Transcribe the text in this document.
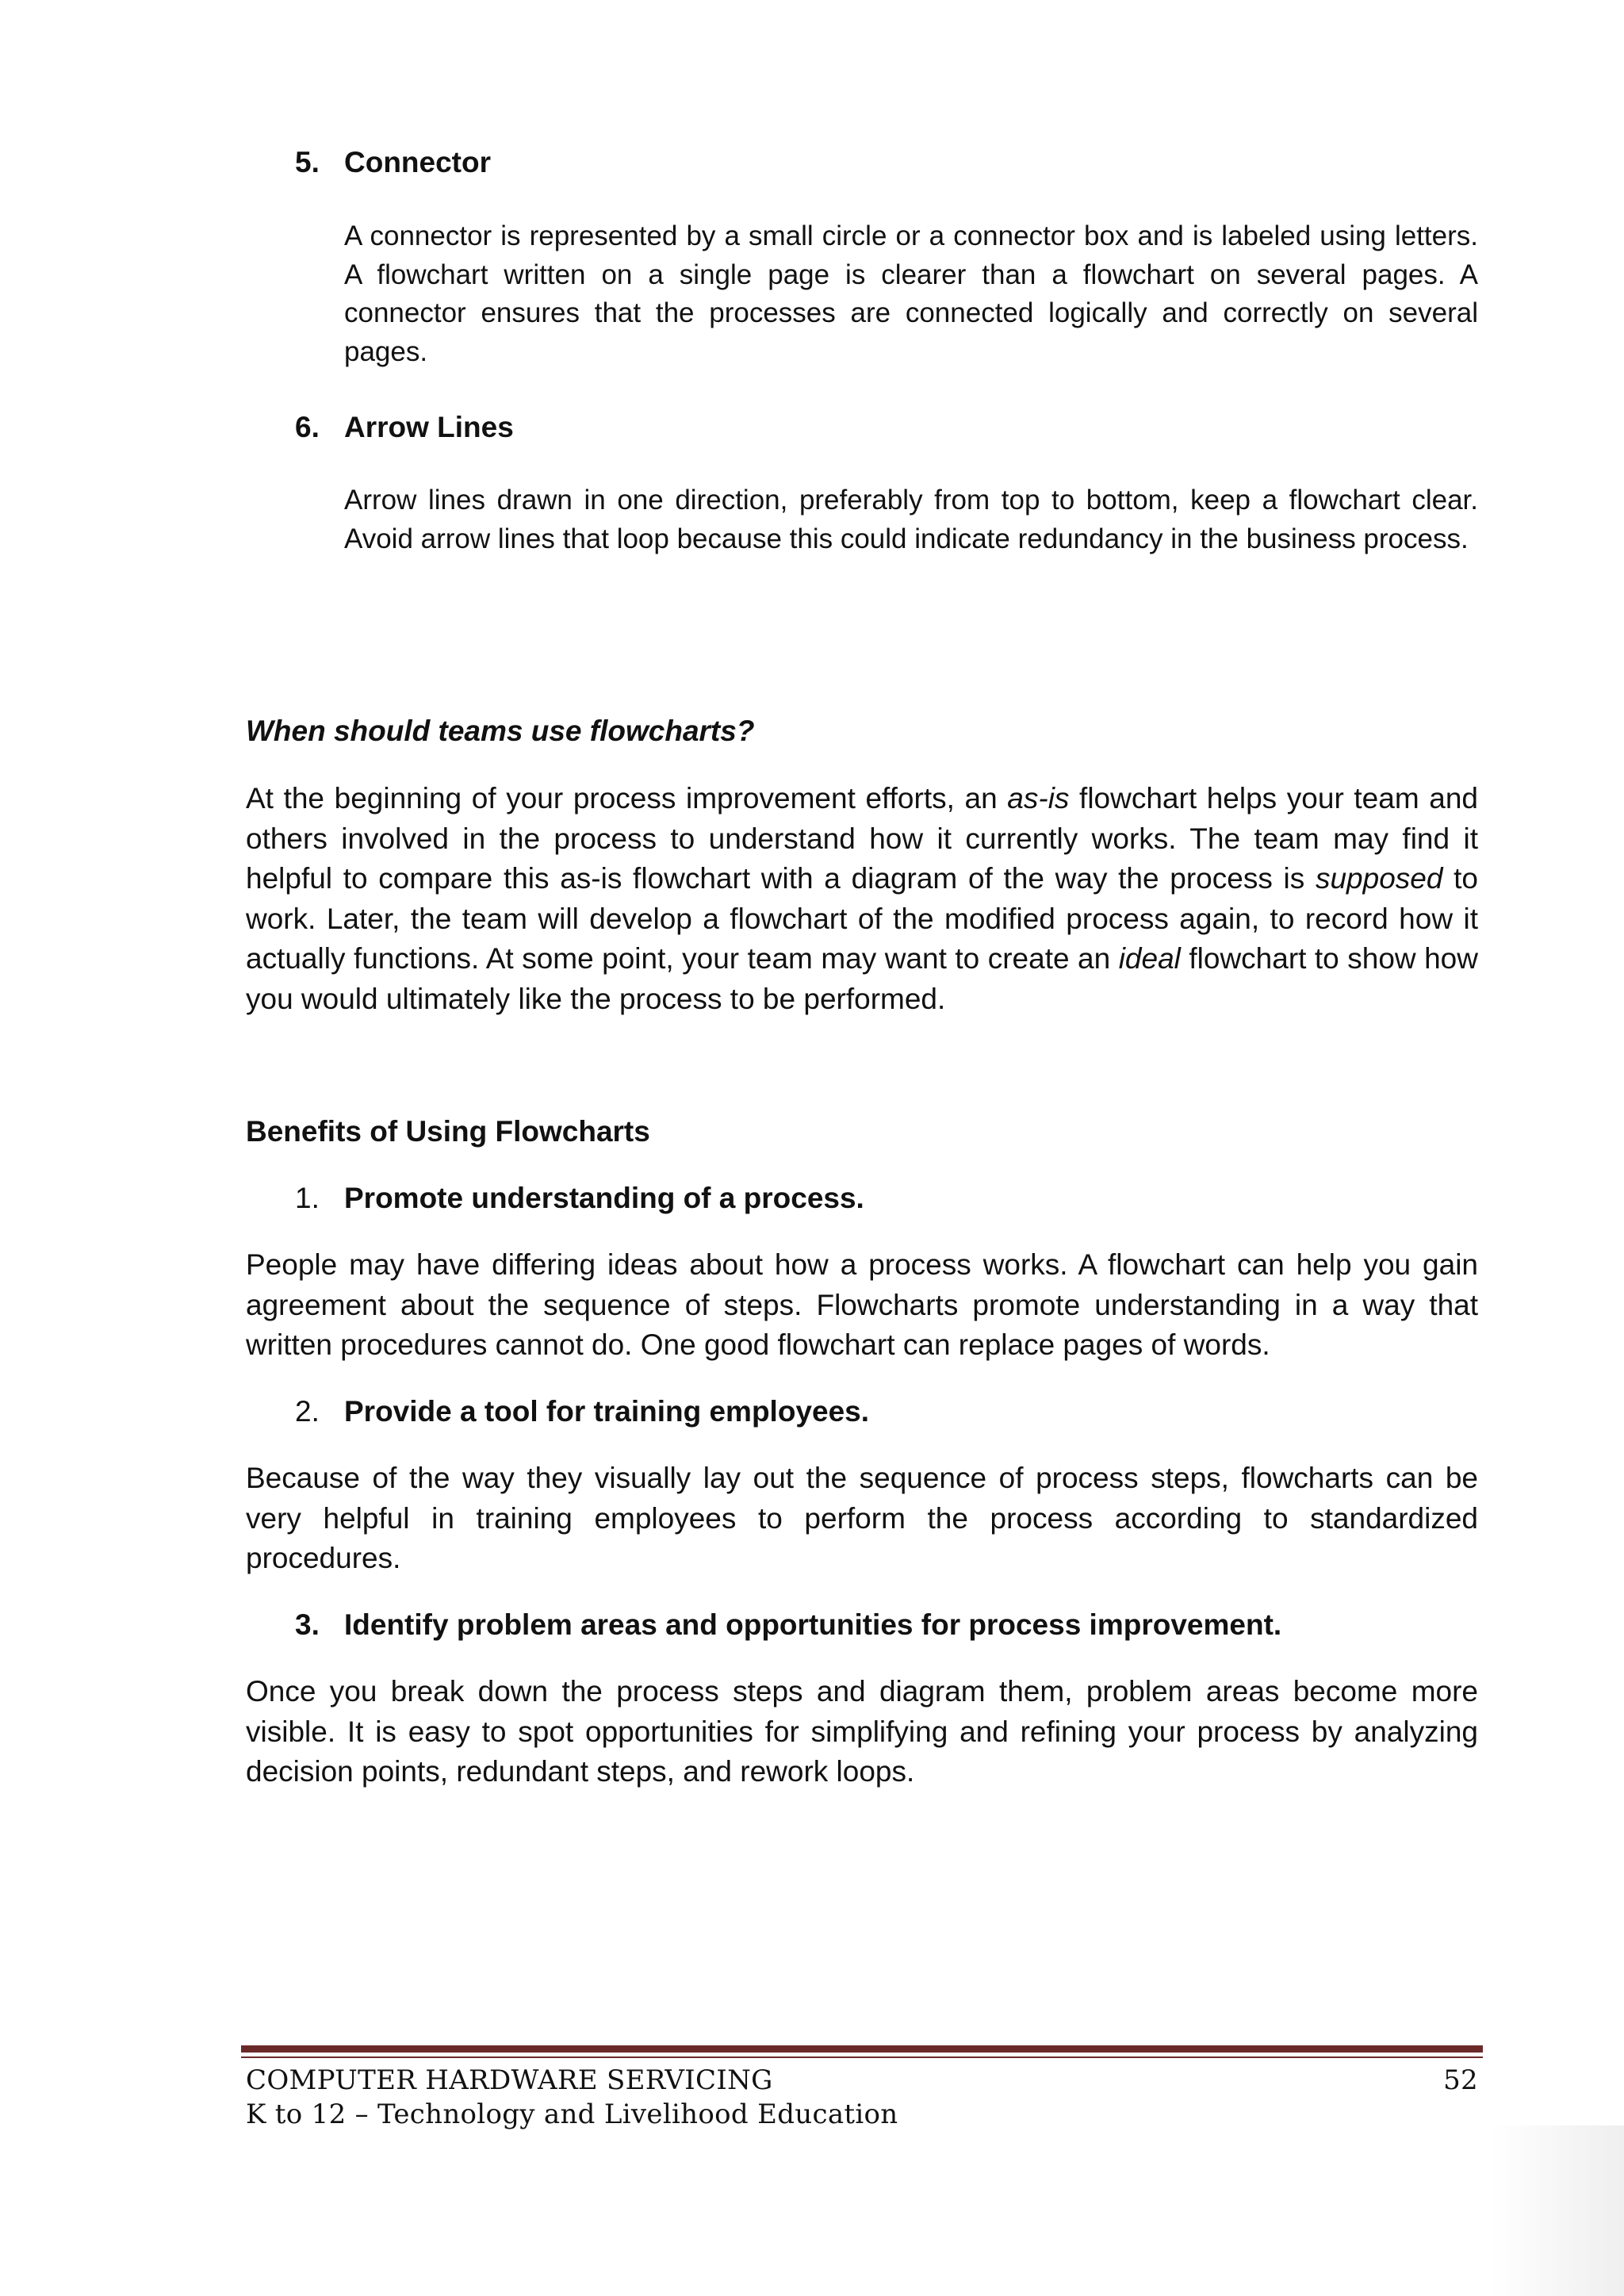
5. Connector
A connector is represented by a small circle or a connector box and is labeled using letters. A flowchart written on a single page is clearer than a flowchart on several pages. A connector ensures that the processes are connected logically and correctly on several pages.
6. Arrow Lines
Arrow lines drawn in one direction, preferably from top to bottom, keep a flowchart clear. Avoid arrow lines that loop because this could indicate redundancy in the business process.
When should teams use flowcharts?
At the beginning of your process improvement efforts, an as-is flowchart helps your team and others involved in the process to understand how it currently works. The team may find it helpful to compare this as-is flowchart with a diagram of the way the process is supposed to work. Later, the team will develop a flowchart of the modified process again, to record how it actually functions. At some point, your team may want to create an ideal flowchart to show how you would ultimately like the process to be performed.
Benefits of Using Flowcharts
1. Promote understanding of a process.
People may have differing ideas about how a process works. A flowchart can help you gain agreement about the sequence of steps. Flowcharts promote understanding in a way that written procedures cannot do. One good flowchart can replace pages of words.
2. Provide a tool for training employees.
Because of the way they visually lay out the sequence of process steps, flowcharts can be very helpful in training employees to perform the process according to standardized procedures.
3. Identify problem areas and opportunities for process improvement.
Once you break down the process steps and diagram them, problem areas become more visible. It is easy to spot opportunities for simplifying and refining your process by analyzing decision points, redundant steps, and rework loops.
COMPUTER HARDWARE SERVICING
K to 12 – Technology and Livelihood Education
52
